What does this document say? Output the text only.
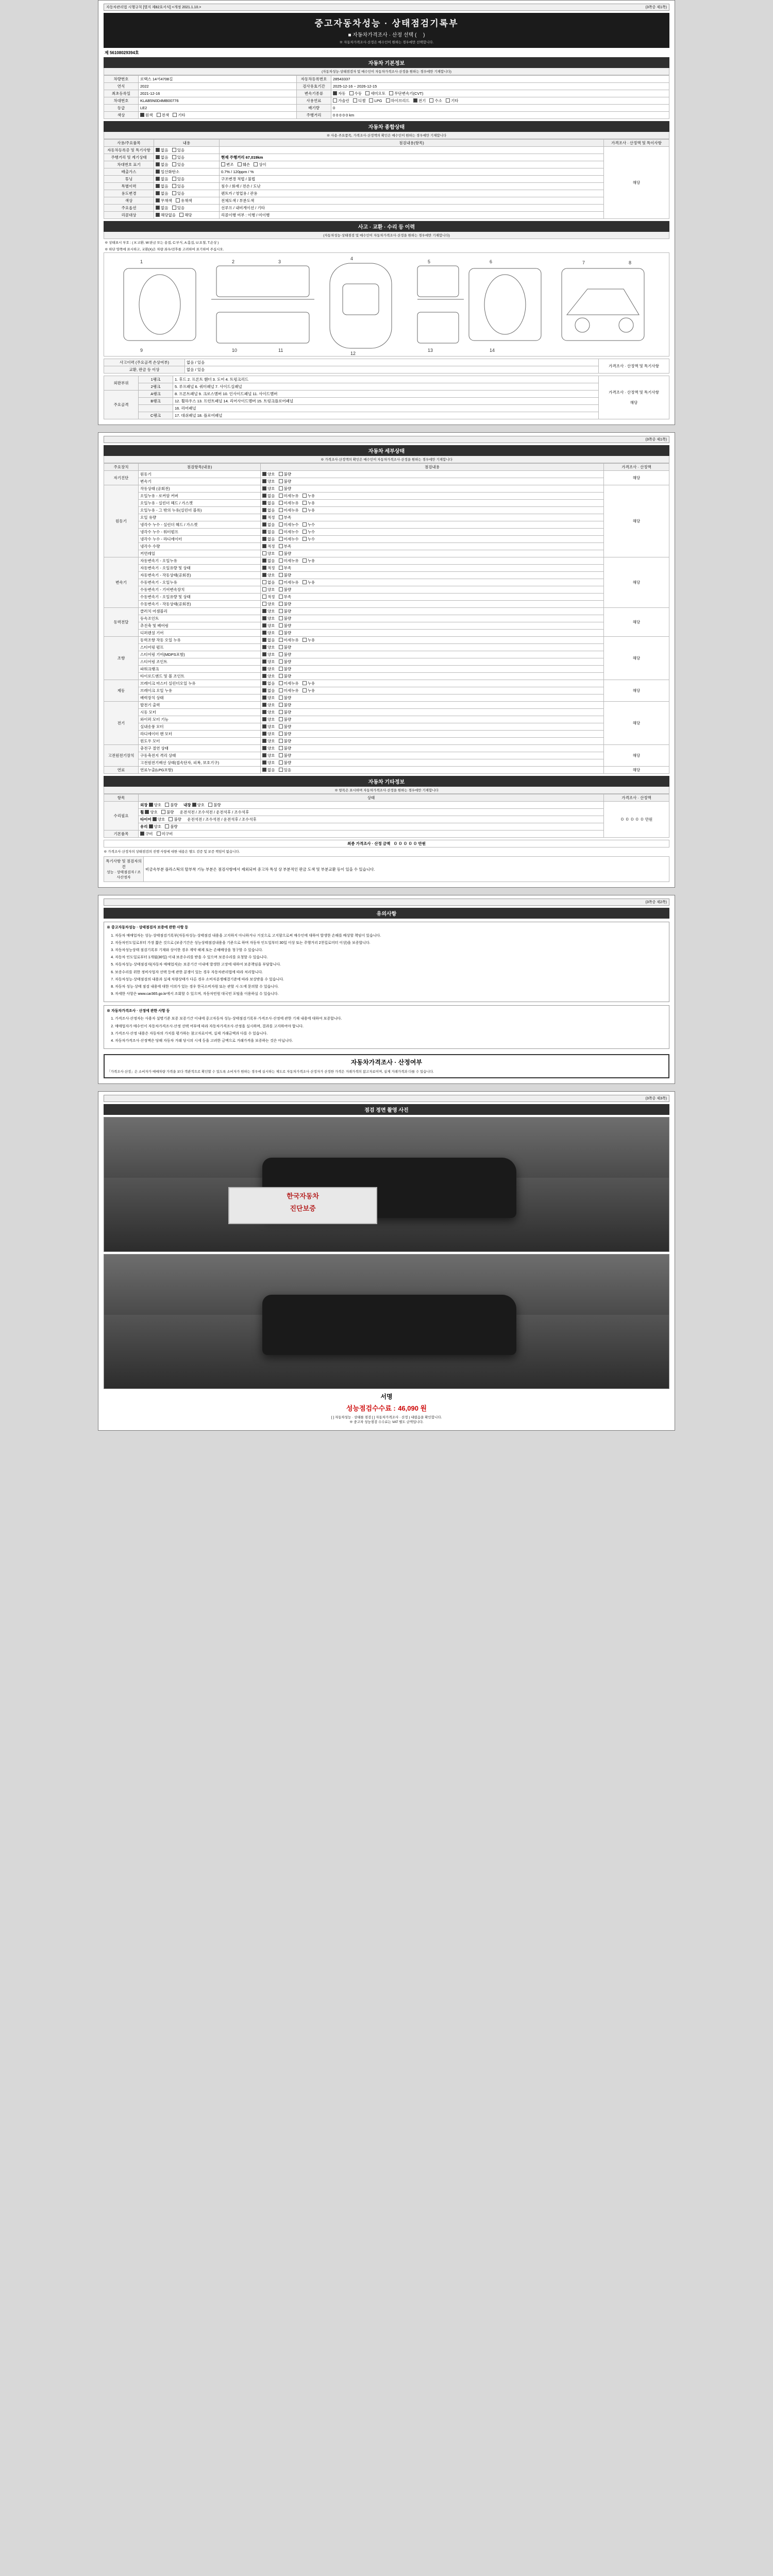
자동차관리법 시행규칙 [별지 제82호서식] <개정 2021.1.10.>	(3쪽중 제1쪽)
중고자동차성능 · 상태점검기록부
■ 자동차가격조사 · 산정 선택 ( 　)
※ 자동차가격조사·산정은 매수인이 원하는 경우에만 선택합니다.
제 56108029394호
자동차 기본정보
(자동차성능·상태점검자 및 매수인이 자동차가격조사·산정을 원하는 경우에만 기재합니다)
차량번호	로택스 14서4708길	자동차등록번호	28543337
연식	2022	검사유효기간	2025-12-16 ~ 2026-12-15
최초등록일	2021-12-16	변속기종류	자동 수동 세미오토 무단변속기(CVT)
차대번호	KLAB5N0D4MB00776	사용연료	가솔린 디젤 LPG 하이브리드 전기 수소 기타
등급	LE2	배기량	0
색상	원색 전색 기타	주행거리	0 0 0 0 0 km
자동차 종합상태
※ 사용·주요품목, 가격조사·산정액의 확인은 매수인이 원하는 경우에만 기재합니다
사용/주요품목	내용	점검내용(항목)	가격조사 · 산정액 및 특이사항
자동차등록증 및 특기사항	없음 있음		해당
주행거리 및 계기상태	없음 있음	현재 주행거리 67,019km	
차대번호 표기	없음 있음	변조 훼손 상이	
배출가스	일산화탄소	0.7% / 120ppm / %	
튜닝	없음 있음	구조변경 적법 / 불법	
특별이력	없음 있음	침수 / 화재 / 전손 / 도난	
용도변경	없음 있음	렌트카 / 영업용 / 관용	
색상	무채색 유채색	전체도색 / 부분도색	
주요옵션	없음 있음	선루프 / 내비게이션 / 기타	
리콜대상	해당없음 해당	리콜이행 여부 : 이행 / 미이행	
사고 · 교환 · 수리 등 이력
(자동차성능·상태점검 및 매수인이 자동차가격조사·산정을 원하는 경우에만 기재합니다)
※ 상태표시 부호 : ( X:교환, W:판금 또는 용접, C:부식, A:흠집, U:요철, T:손상 )
※ 하단 양쪽에 표시하고, 교환(X)은 차량 좌우/전후를 고려하여 표기하여 주십시오.
1	2	3
4
5	6	7	8
9	10	11
12
13	14
사고이력 (주요골격 손상여부)	없음 / 있음	가격조사 · 산정액 및 특기사항
교환, 판금 등 이상	없음 / 있음	
외판부위	1랭크	1. 후드 2. 프론트 휀더 3. 도어 4. 트렁크리드	가격조사 · 산정액 및 특기사항

해당
	2랭크	5. 루프패널 6. 쿼터패널 7. 사이드실패널	
주요골격	A랭크	8. 프론트패널 9. 크로스멤버 10. 인사이드패널 11. 사이드멤버	
	B랭크	12. 휠하우스 13. 프런트패널 14. 리어사이드멤버 15. 트렁크플로어패널	
		16. 리어패널	
	C랭크	17. 대쉬패널 18. 플로어패널	
(3쪽중 제1쪽)
자동차 세부상태
※ 가격조사·산정액의 확인은 매수인이 자동차가격조사·산정을 원하는 경우에만 기재합니다
주요장치	점검항목(내용)	점검내용	가격조사 · 산정액
자기진단	원동기	양호 불량	해당
	변속기	양호 불량	
원동기	작동상태 (공회전)	양호 불량	해당
	오일누유 - 로커암 커버	없음 미세누유 누유	
	오일누유 - 실린더 헤드 / 가스켓	없음 미세누유 누유	
	오일누유 - 그 밖의 누유(실린더 블록)	없음 미세누유 누유	
	오일 유량	적정 부족	
	냉각수 누수 - 실린더 헤드 / 가스켓	없음 미세누수 누수	
	냉각수 누수 - 워터펌프	없음 미세누수 누수	
	냉각수 누수 - 라디에이터	없음 미세누수 누수	
	냉각수 수량	적정 부족	
	커먼레일	양호 불량	
변속기	자동변속기 - 오일누유	없음 미세누유 누유	해당
	자동변속기 - 오일유량 및 상태	적정 부족	
	자동변속기 - 작동상태(공회전)	양호 불량	
	수동변속기 - 오일누유	없음 미세누유 누유	
	수동변속기 - 기어변속장치	양호 불량	
	수동변속기 - 오일유량 및 상태	적정 부족	
	수동변속기 - 작동상태(공회전)	양호 불량	
동력전달	클러치 어셈블리	양호 불량	해당
	등속조인트	양호 불량	
	추진축 및 베어링	양호 불량	
	디퍼렌셜 기어	양호 불량	
조향	동력조향 작동 오일 누유	없음 미세누유 누유	해당
	스티어링 펌프	양호 불량	
	스티어링 기어(MDPS포함)	양호 불량	
	스티어링 조인트	양호 불량	
	파워크랭크	양호 불량	
	타이로드엔드 및 볼 조인트	양호 불량	
제동	브레이크 마스터 실린더오일 누유	없음 미세누유 누유	해당
	브레이크 오일 누유	없음 미세누유 누유	
	배력장치 상태	양호 불량	
전기	발전기 출력	양호 불량	해당
	시동 모터	양호 불량	
	와이퍼 모터 기능	양호 불량	
	실내송풍 모터	양호 불량	
	라디에이터 팬 모터	양호 불량	
	윈도우 모터	양호 불량	
고전원전기장치	충전구 절연 상태	양호 불량	해당
	구동축전지 격리 상태	양호 불량	
	고전원전기배선 상태(접속단자, 피복, 보호기구)	양호 불량	
연료	연료누출(LPG포함)	없음 있음	해당
자동차 기타정보
※ 항목은 표시하며 자동차가격조사·산정을 원하는 경우에만 기재합니다
항목	상태	가격조사 · 산정액
수리필요	외장 양호 불량 내장 양호 불량	０ ０ ０ ０ ０ 만원
	휠 양호 불량 운전석전 / 조수석전 / 운전석후 / 조수석후	
	타이어 양호 불량 운전석전 / 조수석전 / 운전석후 / 조수석후	
	유리 양호 불량	
기본품목	구비 미구비	
최종 가격조사 · 산정 금액 ０ ０ ０ ０ ０ 만원
※ 가격조사·산정자의 상태점검의 진행 사항에 대한 내용은 별도 검증 및 보증 책임이 없습니다.
특기사항 및 점검자의견
성능 · 상태점검자 / 조사산정자	비금속부분 플라스틱의 탈부착 기능 부분은 점검사항에서 제외되며 중고차 특성 상 부분적인 판금 도색 및 부분교환 등이 있을 수 있습니다.
(3쪽중 제2쪽)
유의사항
※ 중고자동차성능 · 상태점검자 보증에 관한 사항 등
1. 자동차 매매업자는 성능·상태점검기록부(자동차성능·상태점검 내용을 고지하지 아니하거나 거짓으로 고지함으로써 매수인에 대하여 발생한 손해를 배상할 책임이 있습니다.
2. 자동차인도일로부터 가장 짧은 것으로 (보증기간은 성능상태점검내용을 기준으로 하며 자동차 인도일부터 30일 이상 또는 주행거리 2천킬로미터 이상)을 보증합니다.
3. 자동차성능상태 점검기록부 기재와 상이한 경우 계약 해제 또는 손해배상을 청구할 수 있습니다.
4. 자동차 인도일로부터 1개월(30일) 이내 보증수리를 받을 수 있으며 보증수리를 요청할 수 있습니다.
5. 자동차성능·상태점검자(자동차 매매업자)는 보증기간 이내에 발생한 고장에 대하여 보증책임을 부담합니다.
6. 보증수리를 위한 정비사업자 선택 등에 관한 분쟁이 있는 경우 자동차관리법에 따라 처리합니다.
7. 자동차성능·상태점검의 내용과 실제 차량상태가 다른 경우 소비자분쟁해결기준에 따라 보상받을 수 있습니다.
8. 자동차 성능·상태 점검 내용에 대한 이의가 있는 경우 한국소비자원 또는 관할 시·도에 문의할 수 있습니다.
9. 자세한 사항은 www.car365.go.kr에서 조회할 수 있으며, 자동차민원 대국민 포털을 이용하실 수 있습니다.
※ 자동차가격조사 · 산정에 관한 사항 등
1. 가격조사·산정자는 사용자 설명기준 보증 보증기간 이내에 중고자동차 성능·상태점검기록부·가격조사·산정에 관한 기재 내용에 대하여 보증합니다.
2. 매매업자가 매수인이 자동차가격조사·산정 선택 여부에 따라 자동차가격조사·산정을 실시하며, 결과를 고지하여야 합니다.
3. 가격조사·산정 내용은 자동차의 가치를 평가하는 참고자료이며, 실제 거래금액과 다를 수 있습니다.
4. 자동차가격조사·산정액은 당해 자동차 거래 당시의 시세 등을 고려한 금액으로 거래가격을 보증하는 것은 아닙니다.
자동차가격조사 · 산정여부
「가격조사·산정」은 소비자가 매매차량 가격을 보다 객관적으로 확인할 수 있도록 소비자가 원하는 경우에 실시하는 제도로 자동차가격조사·산정자가 산정한 가격은 거래가격의 참고자료이며, 실제 거래가격과 다를 수 있습니다.
(3쪽중 제3쪽)
점검 정면 촬영 사진
한국자동차
진단보증
서명
성능점검수수료 : 46,090 원
[ ] 자동차성능 · 상태를 점검 [ ] 자동차가격조사 · 산정 ) 내렸음을 확인합니다.
※ 중고차 성능점검 수수료는 VAT 별도 금액입니다.
